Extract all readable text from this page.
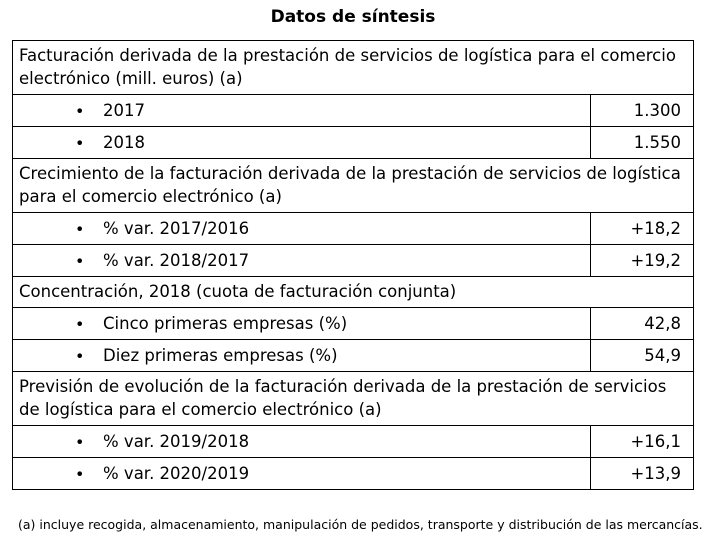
Datos de síntesis
Facturación derivada de la prestación de servicios de logística para el comercio electrónico (mill. euros) (a)	

• 2017	1.300

• 2018	1.550
Crecimiento de la facturación derivada de la prestación de servicios de logística para el comercio electrónico (a)	

• % var. 2017/2016	+18,2

• % var. 2018/2017	+19,2
Concentración, 2018 (cuota de facturación conjunta)	

• Cinco primeras empresas (%)	42,8

• Diez primeras empresas (%)	54,9
Previsión de evolución de la facturación derivada de la prestación de servicios de logística para el comercio electrónico (a)	

• % var. 2019/2018	+16,1

• % var. 2020/2019	+13,9
(a) incluye recogida, almacenamiento, manipulación de pedidos, transporte y distribución de las mercancías.
